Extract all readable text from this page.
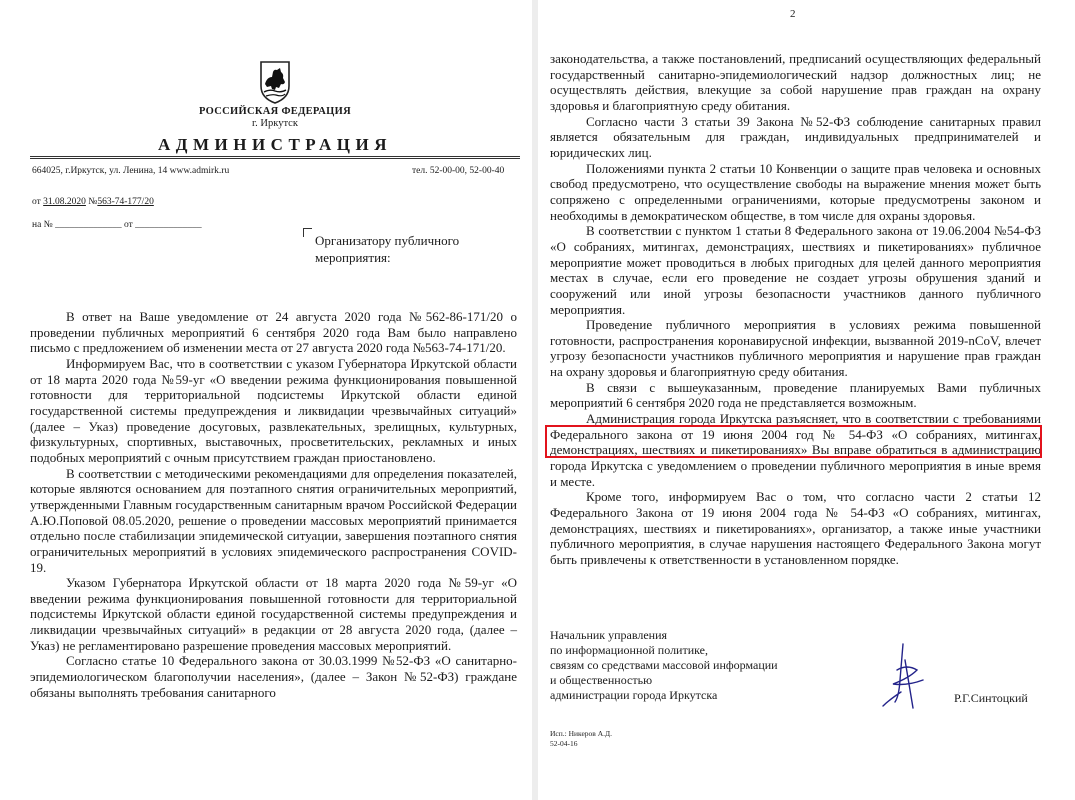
РОССИЙСКАЯ ФЕДЕРАЦИЯ
г. Иркутск
АДМИНИСТРАЦИЯ
664025, г.Иркутск, ул. Ленина, 14 www.admirk.ru	тел. 52-00-00, 52-00-40
от 31.08.2020 №563-74-177/20
на № ______________ от ______________
Организатору публичного
мероприятия:

В ответ на Ваше уведомление от 24 августа 2020 года №562-86-171/20 о проведении публичных мероприятий 6 сентября 2020 года Вам было направлено письмо с предложением об изменении места от 27 августа 2020 года №563-74-171/20.

Информируем Вас, что в соответствии с указом Губернатора Иркутской области от 18 марта 2020 года №59-уг «О введении режима функционирования повышенной готовности для территориальной подсистемы Иркутской области единой государственной системы предупреждения и ликвидации чрезвычайных ситуаций» (далее – Указ) проведение досуговых, развлекательных, зрелищных, культурных, физкультурных, спортивных, выставочных, просветительских, рекламных и иных подобных мероприятий с очным присутствием граждан приостановлено.

В соответствии с методическими рекомендациями для определения показателей, которые являются основанием для поэтапного снятия ограничительных мероприятий, утвержденными Главным государственным санитарным врачом Российской Федерации А.Ю.Поповой 08.05.2020, решение о проведении массовых мероприятий принимается отдельно после стабилизации эпидемической ситуации, завершения поэтапного снятия ограничительных мероприятий в условиях эпидемического распространения COVID-19.

Указом Губернатора Иркутской области от 18 марта 2020 года №59-уг «О введении режима функционирования повышенной готовности для территориальной подсистемы Иркутской области единой государственной системы предупреждения и ликвидации чрезвычайных ситуаций» в редакции от 28 августа 2020 года, (далее – Указ) не регламентировано разрешение проведения массовых мероприятий.

Согласно статье 10 Федерального закона от 30.03.1999 №52-ФЗ «О санитарно-эпидемиологическом благополучии населения», (далее – Закон №52-ФЗ) граждане обязаны выполнять требования санитарного

2

законодательства, а также постановлений, предписаний осуществляющих федеральный государственный санитарно-эпидемиологический надзор должностных лиц; не осуществлять действия, влекущие за собой нарушение прав граждан на охрану здоровья и благоприятную среду обитания.

Согласно части 3 статьи 39 Закона №52-ФЗ соблюдение санитарных правил является обязательным для граждан, индивидуальных предпринимателей и юридических лиц.

Положениями пункта 2 статьи 10 Конвенции о защите прав человека и основных свобод предусмотрено, что осуществление свободы на выражение мнения может быть сопряжено с определенными ограничениями, которые предусмотрены законом и необходимы в демократическом обществе, в том числе для охраны здоровья.

В соответствии с пунктом 1 статьи 8 Федерального закона от 19.06.2004 №54-ФЗ «О собраниях, митингах, демонстрациях, шествиях и пикетированиях» публичное мероприятие может проводиться в любых пригодных для целей данного мероприятия местах в случае, если его проведение не создает угрозы обрушения зданий и сооружений или иной угрозы безопасности участников данного публичного мероприятия.

Проведение публичного мероприятия в условиях режима повышенной готовности, распространения коронавирусной инфекции, вызванной 2019-nCoV, влечет угрозу безопасности участников публичного мероприятия и нарушение прав граждан на охрану здоровья и благоприятную среду обитания.

В связи с вышеуказанным, проведение планируемых Вами публичных мероприятий 6 сентября 2020 года не представляется возможным.

Администрация города Иркутска разъясняет, что в соответствии с требованиями Федерального закона от 19 июня 2004 год № 54-ФЗ «О собраниях, митингах, демонстрациях, шествиях и пикетированиях» Вы вправе обратиться в администрацию города Иркутска с уведомлением о проведении публичного мероприятия в иные время и месте.

Кроме того, информируем Вас о том, что согласно части 2 статьи 12 Федерального Закона от 19 июня 2004 года № 54-ФЗ «О собраниях, митингах, демонстрациях, шествиях и пикетированиях», организатор, а также иные участники публичного мероприятия, в случае нарушения настоящего Федерального Закона могут быть привлечены к ответственности в установленном порядке.

Начальник управления
по информационной политике,
связям со средствами массовой информации
и общественностью
администрации города Иркутска	Р.Г.Синтоцкий
Исп.: Никеров А.Д.
52-04-16
